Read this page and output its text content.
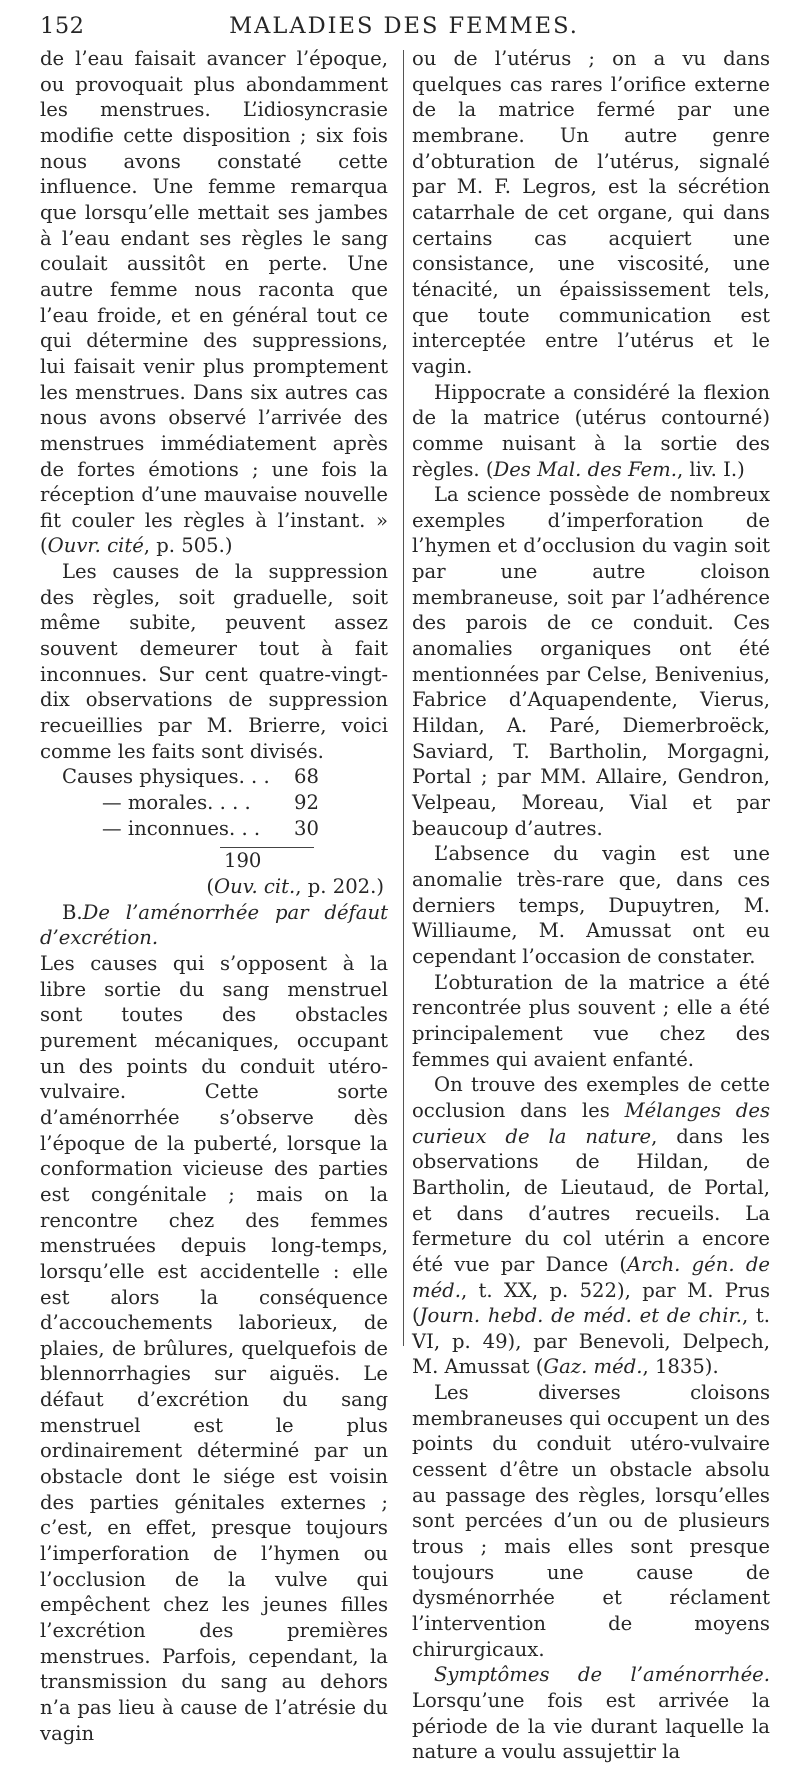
152	MALADIES DES FEMMES.

de l’eau faisait avancer l’époque, ou provoquait plus abondamment les menstrues. L’idiosyncrasie modifie cette disposition ; six fois nous avons constaté cette influence. Une femme remarqua que lorsqu’elle mettait ses jambes à l’eau endant ses règles le sang coulait aussitôt en perte. Une autre femme nous raconta que l’eau froide, et en général tout ce qui détermine des suppressions, lui faisait venir plus promptement les menstrues. Dans six autres cas nous avons observé l’arrivée des menstrues immédiatement après de fortes émotions ; une fois la réception d’une mauvaise nouvelle fit couler les règles à l’instant. » (Ouvr. cité, p. 505.)

Les causes de la suppression des règles, soit graduelle, soit même subite, peuvent assez souvent demeurer tout à fait inconnues. Sur cent quatre-vingt-dix observations de suppression recueillies par M. Brierre, voici comme les faits sont divisés.

Causes physiques. . .	68
— morales. . . .	92
— inconnues. . .	30
190

(Ouv. cit., p. 202.)

B.De l’aménorrhée par défaut d’excrétion.

Les causes qui s’opposent à la libre sortie du sang menstruel sont toutes des obstacles purement mécaniques, occupant un des points du conduit utéro-vulvaire. Cette sorte d’aménorrhée s’observe dès l’époque de la puberté, lorsque la conformation vicieuse des parties est congénitale ; mais on la rencontre chez des femmes menstruées depuis long-temps, lorsqu’elle est accidentelle : elle est alors la conséquence d’accouchements laborieux, de plaies, de brûlures, quelquefois de blennorrhagies sur aiguës. Le défaut d’excrétion du sang menstruel est le plus ordinairement déterminé par un obstacle dont le siége est voisin des parties génitales externes ; c’est, en effet, presque toujours l’imperforation de l’hymen ou l’occlusion de la vulve qui empêchent chez les jeunes filles l’excrétion des premières menstrues. Parfois, cependant, la transmission du sang au dehors n’a pas lieu à cause de l’atrésie du vagin

ou de l’utérus ; on a vu dans quelques cas rares l’orifice externe de la matrice fermé par une membrane. Un autre genre d’obturation de l’utérus, signalé par M. F. Legros, est la sécrétion catarrhale de cet organe, qui dans certains cas acquiert une consistance, une viscosité, une ténacité, un épaississement tels, que toute communication est interceptée entre l’utérus et le vagin.

Hippocrate a considéré la flexion de la matrice (utérus contourné) comme nuisant à la sortie des règles. (Des Mal. des Fem., liv. I.)

La science possède de nombreux exemples d’imperforation de l’hymen et d’occlusion du vagin soit par une autre cloison membraneuse, soit par l’adhérence des parois de ce conduit. Ces anomalies organiques ont été mentionnées par Celse, Benivenius, Fabrice d’Aquapendente, Vierus, Hildan, A. Paré, Diemerbroëck, Saviard, T. Bartholin, Morgagni, Portal ; par MM. Allaire, Gendron, Velpeau, Moreau, Vial et par beaucoup d’autres.

L’absence du vagin est une anomalie très-rare que, dans ces derniers temps, Dupuytren, M. Williaume, M. Amussat ont eu cependant l’occasion de constater.

L’obturation de la matrice a été rencontrée plus souvent ; elle a été principalement vue chez des femmes qui avaient enfanté.

On trouve des exemples de cette occlusion dans les Mélanges des curieux de la nature, dans les observations de Hildan, de Bartholin, de Lieutaud, de Portal, et dans d’autres recueils. La fermeture du col utérin a encore été vue par Dance (Arch. gén. de méd., t. XX, p. 522), par M. Prus (Journ. hebd. de méd. et de chir., t. VI, p. 49), par Benevoli, Delpech, M. Amussat (Gaz. méd., 1835).

Les diverses cloisons membraneuses qui occupent un des points du conduit utéro-vulvaire cessent d’être un obstacle absolu au passage des règles, lorsqu’elles sont percées d’un ou de plusieurs trous ; mais elles sont presque toujours une cause de dysménorrhée et réclament l’intervention de moyens chirurgicaux.

Symptômes de l’aménorrhée. Lorsqu’une fois est arrivée la période de la vie durant laquelle la nature a voulu assujettir la
